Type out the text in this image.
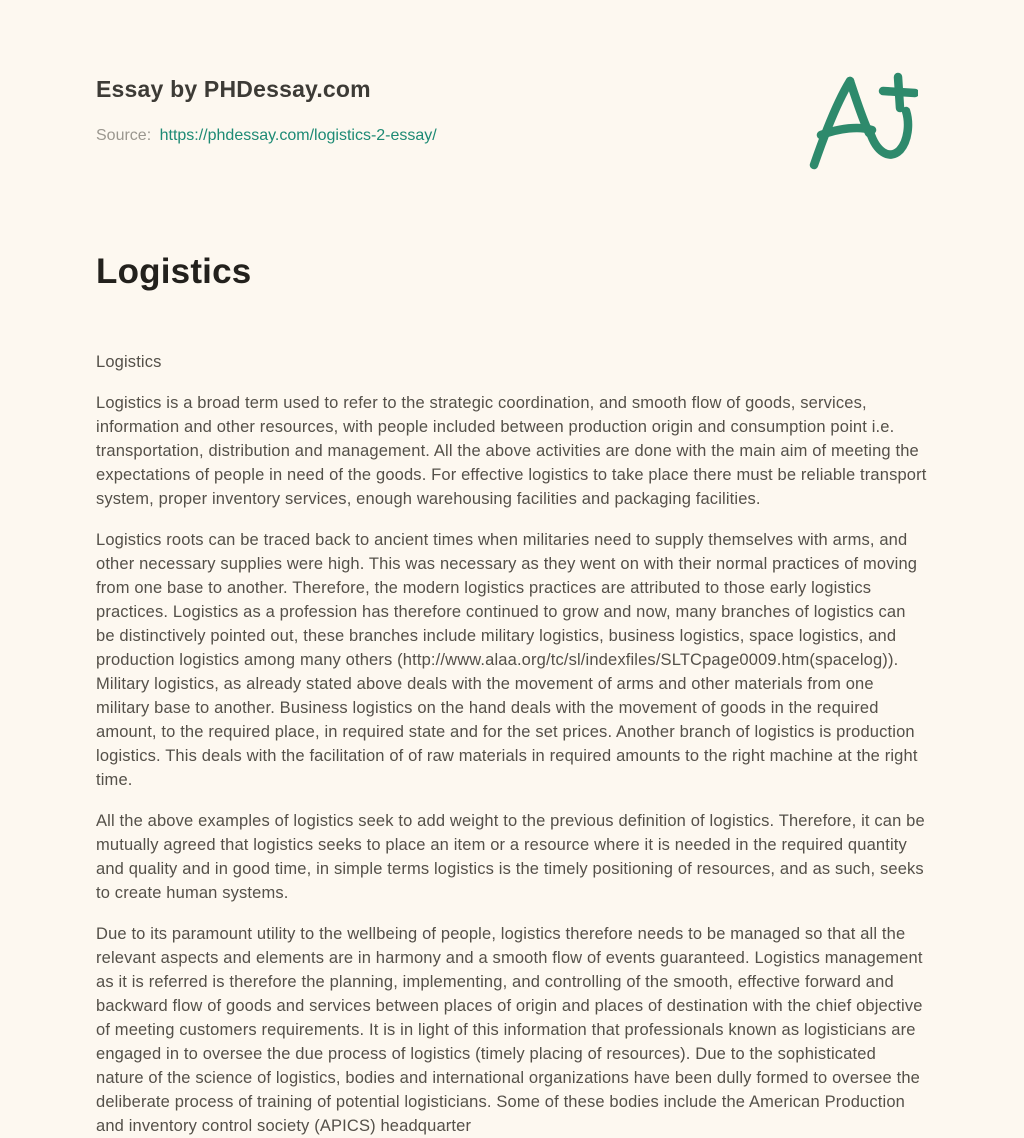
Essay by PHDessay.com
Source: https://phdessay.com/logistics-2-essay/
Logistics

Logistics

Logistics is a broad term used to refer to the strategic coordination, and smooth flow of goods, services, information and other resources, with people included between production origin and consumption point i.e. transportation, distribution and management. All the above activities are done with the main aim of meeting the expectations of people in need of the goods. For effective logistics to take place there must be reliable transport system, proper inventory services, enough warehousing facilities and packaging facilities.

Logistics roots can be traced back to ancient times when militaries need to supply themselves with arms, and other necessary supplies were high. This was necessary as they went on with their normal practices of moving from one base to another. Therefore, the modern logistics practices are attributed to those early logistics practices. Logistics as a profession has therefore continued to grow and now, many branches of logistics can be distinctively pointed out, these branches include military logistics, business logistics, space logistics, and production logistics among many others (http://www.alaa.org/tc/sl/indexfiles/SLTCpage0009.htm(spacelog)). Military logistics, as already stated above deals with the movement of arms and other materials from one military base to another. Business logistics on the hand deals with the movement of goods in the required amount, to the required place, in required state and for the set prices. Another branch of logistics is production logistics. This deals with the facilitation of of raw materials in required amounts to the right machine at the right time.

All the above examples of logistics seek to add weight to the previous definition of logistics. Therefore, it can be mutually agreed that logistics seeks to place an item or a resource where it is needed in the required quantity and quality and in good time, in simple terms logistics is the timely positioning of resources, and as such, seeks to create human systems.

Due to its paramount utility to the wellbeing of people, logistics therefore needs to be managed so that all the relevant aspects and elements are in harmony and a smooth flow of events guaranteed. Logistics management as it is referred is therefore the planning, implementing, and controlling of the smooth, effective forward and backward flow of goods and services between places of origin and places of destination with the chief objective of meeting customers requirements. It is in light of this information that professionals known as logisticians are engaged in to oversee the due process of logistics (timely placing of resources). Due to the sophisticated nature of the science of logistics, bodies and international organizations have been dully formed to oversee the deliberate process of training of potential logisticians. Some of these bodies include the American Production and inventory control society (APICS) headquarter
